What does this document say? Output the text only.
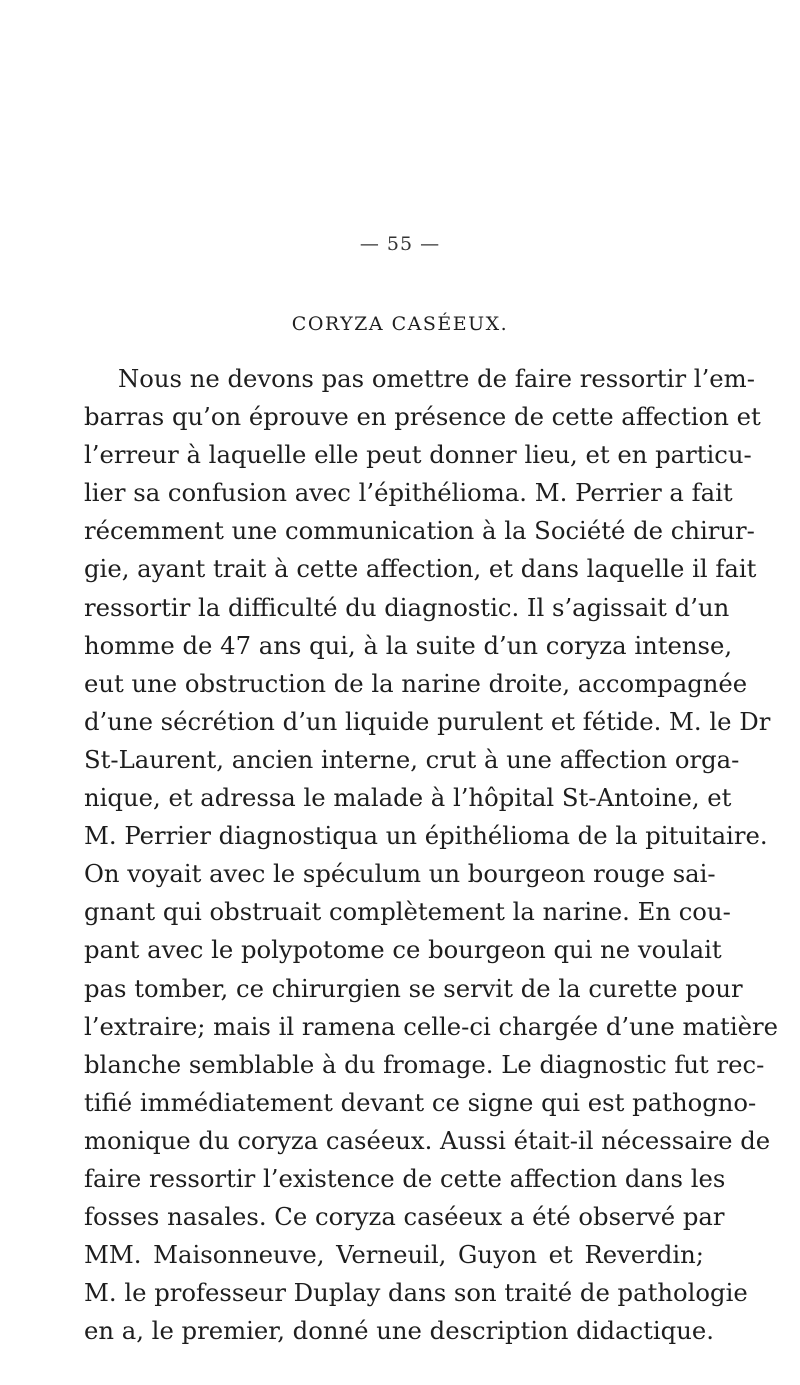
— 55 —
CORYZA CASÉEUX.
Nous ne devons pas omettre de faire ressortir l’em-
barras qu’on éprouve en présence de cette affection et
l’erreur à laquelle elle peut donner lieu, et en particu-
lier sa confusion avec l’épithélioma. M. Perrier a fait
récemment une communication à la Société de chirur-
gie, ayant trait à cette affection, et dans laquelle il fait
ressortir la difficulté du diagnostic. Il s’agissait d’un
homme de 47 ans qui, à la suite d’un coryza intense,
eut une obstruction de la narine droite, accompagnée
d’une sécrétion d’un liquide purulent et fétide. M. le Dr
St-Laurent, ancien interne, crut à une affection orga-
nique, et adressa le malade à l’hôpital St-Antoine, et
M. Perrier diagnostiqua un épithélioma de la pituitaire.
On voyait avec le spéculum un bourgeon rouge sai-
gnant qui obstruait complètement la narine. En cou-
pant avec le polypotome ce bourgeon qui ne voulait
pas tomber, ce chirurgien se servit de la curette pour
l’extraire; mais il ramena celle-ci chargée d’une matière
blanche semblable à du fromage. Le diagnostic fut rec-
tifié immédiatement devant ce signe qui est pathogno-
monique du coryza caséeux. Aussi était-il nécessaire de
faire ressortir l’existence de cette affection dans les
fosses nasales. Ce coryza caséeux a été observé par
MM. Maisonneuve, Verneuil, Guyon et Reverdin;
M. le professeur Duplay dans son traité de pathologie
en a, le premier, donné une description didactique.
